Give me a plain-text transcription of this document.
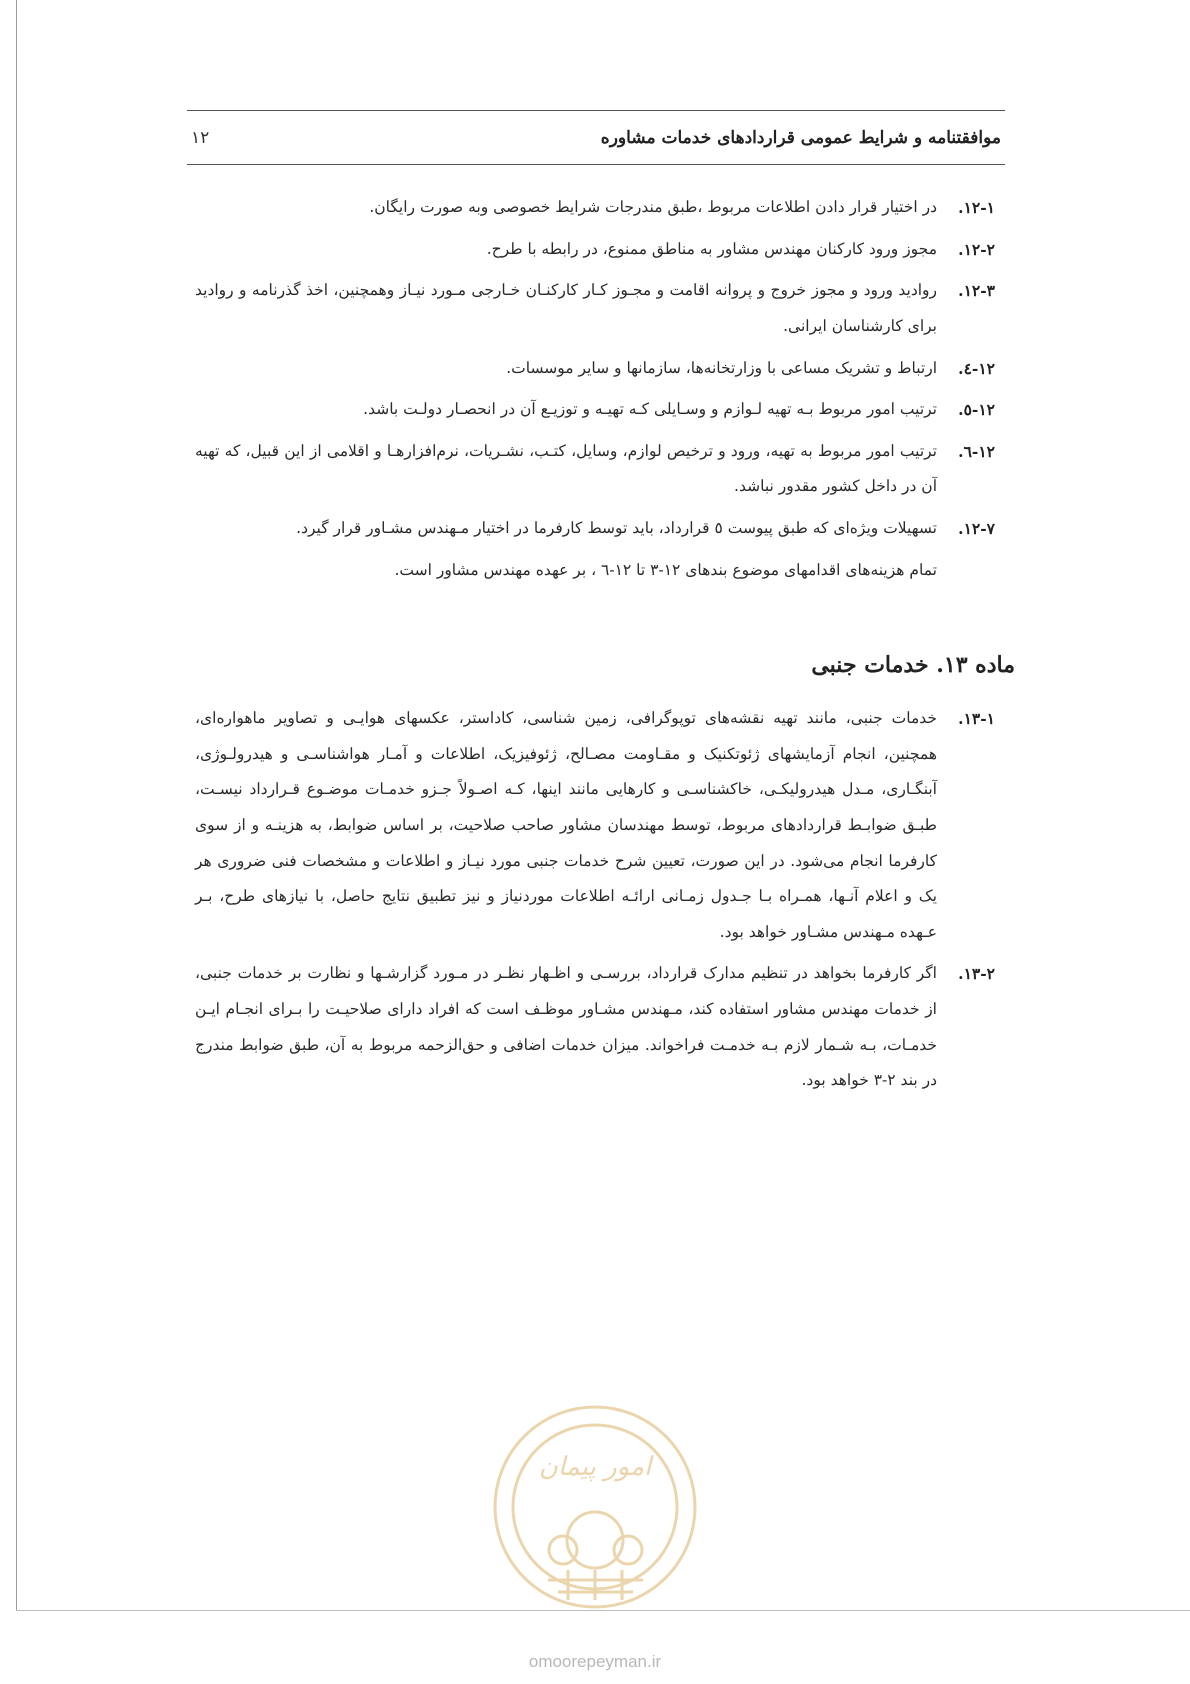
موافقتنامه و شرایط عمومی قراردادهای خدمات مشاوره
۱۲
۱۲-۱.
در اختیار قرار دادن اطلاعات مربوط ،طبق مندرجات شرایط خصوصی وبه صورت رایگان.
۱۲-۲.
مجوز ورود کارکنان مهندس مشاور به مناطق ممنوع، در رابطه با طرح.
۱۲-۳.
روادید ورود و مجوز خروج و پروانه اقامت و مجـوز کـار کارکنـان خـارجی مـورد نیـاز وهمچنین، اخذ گذرنامه و روادید برای کارشناسان ایرانی.
۱۲-٤.
ارتباط و تشریک مساعی با وزارتخانه‌ها، سازمانها و سایر موسسات.
۱۲-٥.
ترتیب امور مربوط بـه تهیه لـوازم و وسـایلی کـه تهیـه و توزیـع آن در انحصـار دولـت باشد.
۱۲-٦.
ترتیب امور مربوط به تهیه، ورود و ترخیص لوازم، وسایل، کتـب، نشـریات، نرم‌افزارهـا و اقلامی از این قبیل، که تهیه آن در داخل کشور مقدور نباشد.
۱۲-۷.
تسهیلات ویژه‌ای که طبق پیوست ٥ قرارداد، باید توسط کارفرما در اختیار مـهندس مشـاور قرار گیرد.
تمام هزینه‌های اقدامهای موضوع بندهای ۱۲-۳ تا ۱۲-٦ ، بر عهده مهندس مشاور است.
ماده ۱۳. خدمات جنبی
۱۳-۱.
خدمات جنبی، مانند تهیه نقشه‌های توپوگرافی، زمین شناسی، کاداستر، عکسهای هوایـی و تصاویر ماهواره‌ای، همچنین، انجام آزمایشهای ژئوتکنیک و مقـاومت مصـالح، ژئوفیزیک، اطلاعات و آمـار هواشناسـی و هیدرولـوژی، آبنگـاری، مـدل هیدرولیکـی، خاکشناسـی و کارهایی مانند اینها، کـه اصـولاً جـزو خدمـات موضـوع قـرارداد نیسـت، طبـق ضوابـط قراردادهای مربوط، توسط مهندسان مشاور صاحب صلاحیت، بر اساس ضوابط، به هزینـه و از سوی کارفرما انجام می‌شود. در این صورت، تعیین شرح خدمات جنبی مورد نیـاز و اطلاعات و مشخصات فنی ضروری هر یک و اعلام آنـها، همـراه بـا جـدول زمـانی ارائـه اطلاعات موردنیاز و نیز تطبیق نتایج حاصل، با نیازهای طرح، بـر عـهده مـهندس مشـاور خواهد بود.
۱۳-۲.
اگر کارفرما بخواهد در تنظیم مدارک قرارداد، بررسـی و اظـهار نظـر در مـورد گزارشـها و نظارت بر خدمات جنبی، از خدمات مهندس مشاور استفاده کند، مـهندس مشـاور موظـف است که افراد دارای صلاحیـت را بـرای انجـام ایـن خدمـات، بـه شـمار لازم بـه خدمـت فراخواند. میزان خدمات اضافی و حق‌الزحمه مربوط به آن، طبق ضوابط مندرج در بند ۲-۳ خواهد بود.
امور پیمان
omoorepeyman.ir
